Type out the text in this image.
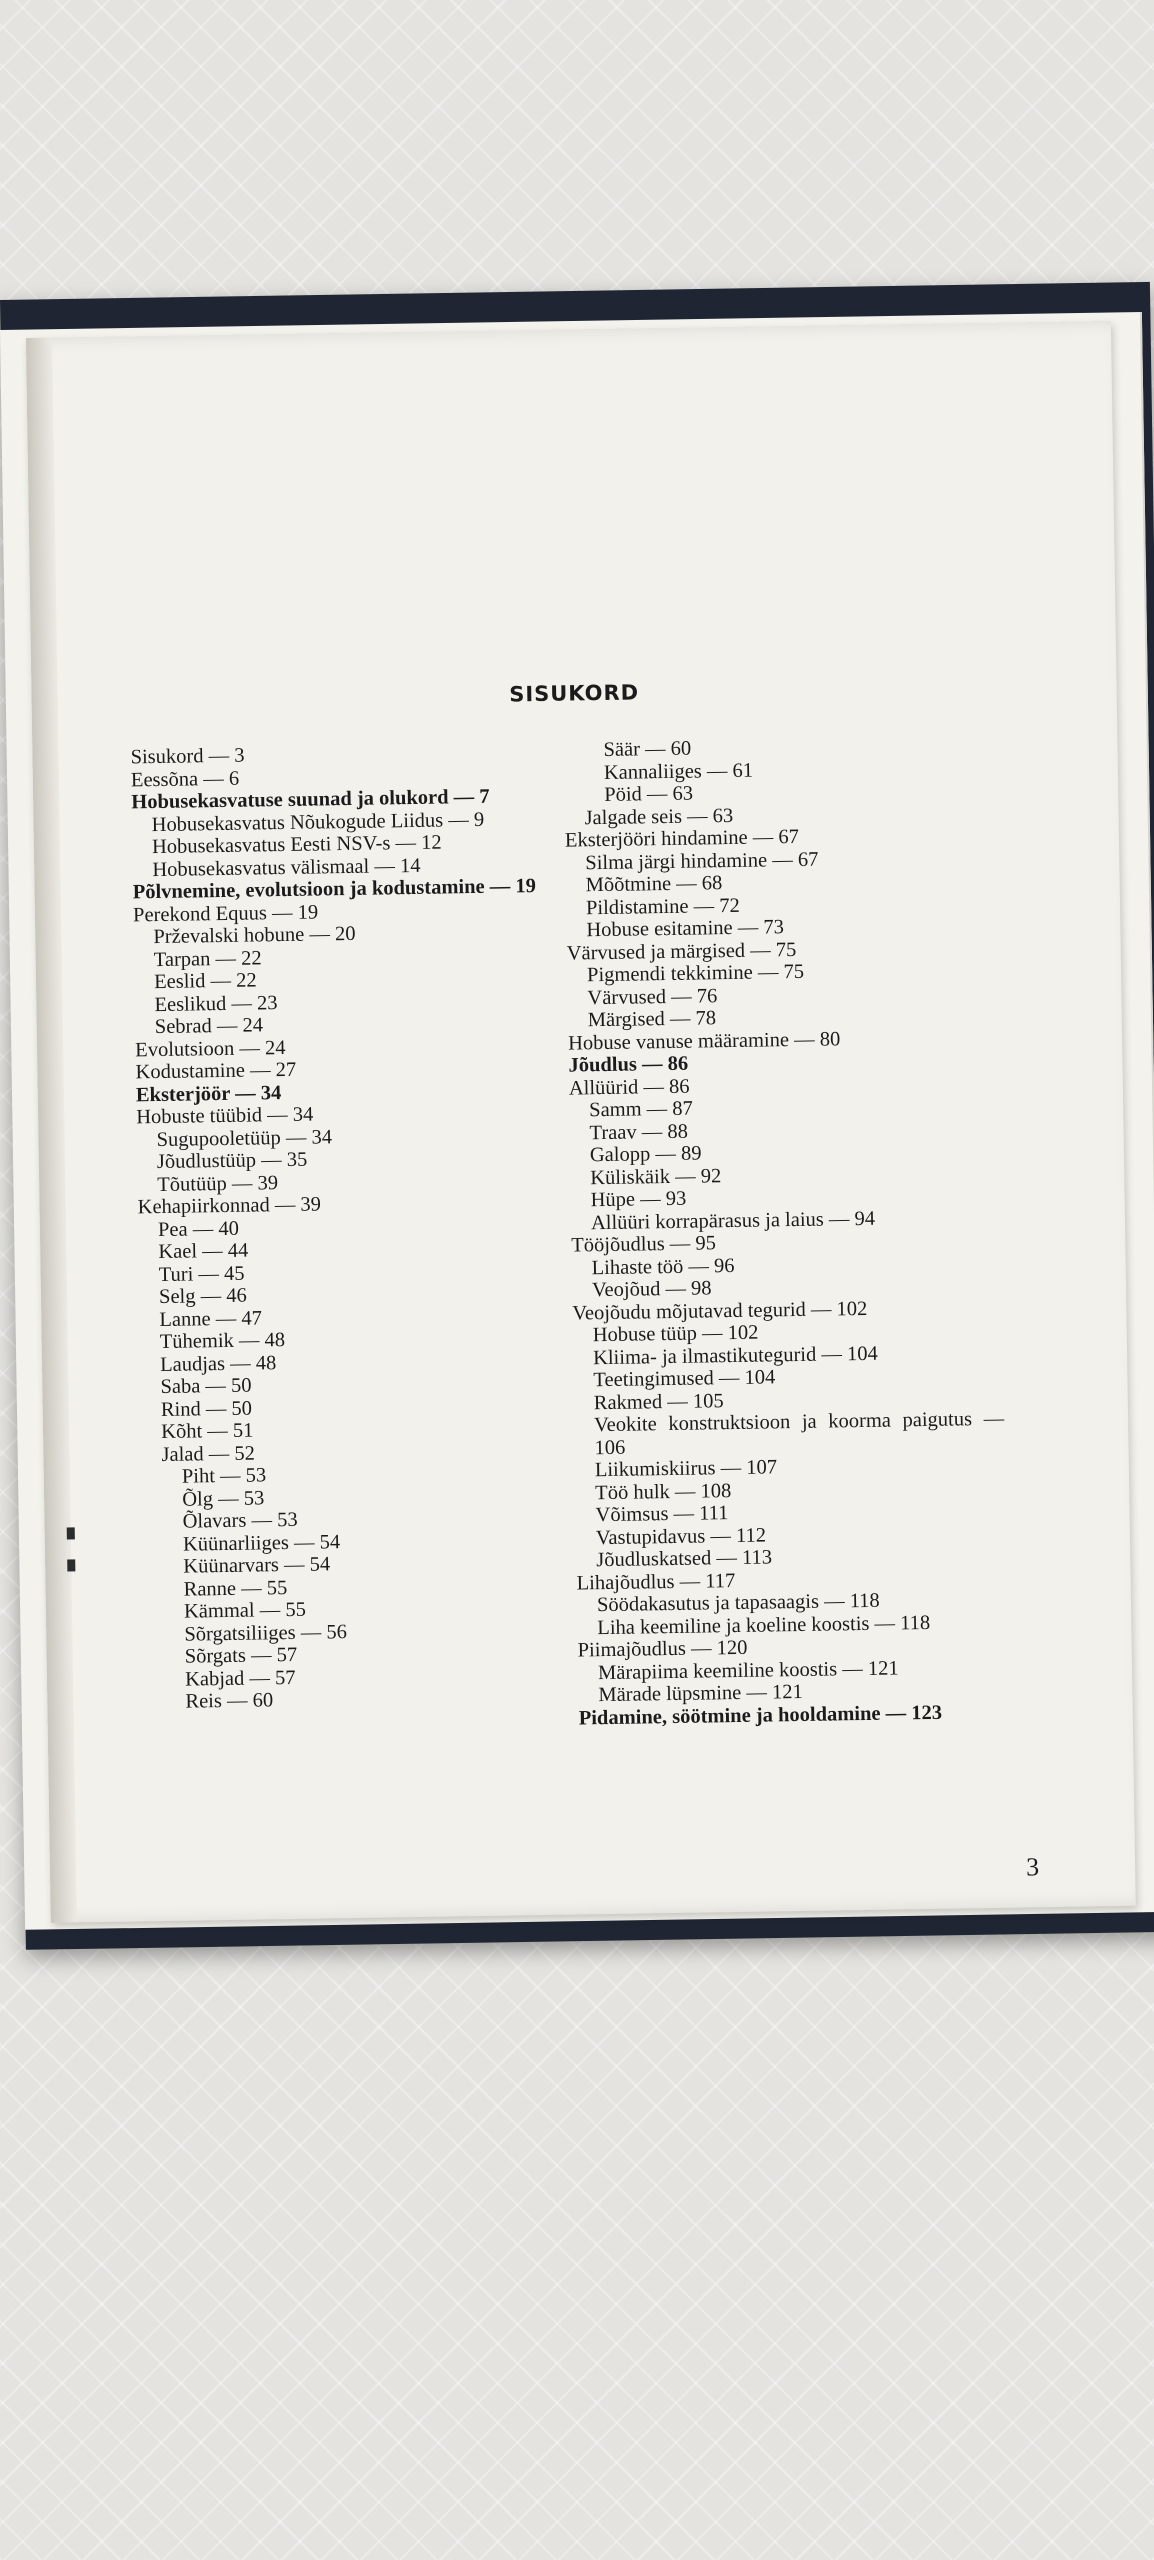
SISUKORD
Sisukord — 3
Eessõna — 6
Hobusekasvatuse suunad ja olukord — 7
Hobusekasvatus Nõukogude Liidus — 9
Hobusekasvatus Eesti NSV-s — 12
Hobusekasvatus välismaal — 14
Põlvnemine, evolutsioon ja kodustamine — 19
Perekond Equus — 19
Prževalski hobune — 20
Tarpan — 22
Eeslid — 22
Eeslikud — 23
Sebrad — 24
Evolutsioon — 24
Kodustamine — 27
Eksterjöör — 34
Hobuste tüübid — 34
Sugupooletüüp — 34
Jõudlustüüp — 35
Tõutüüp — 39
Kehapiirkonnad — 39
Pea — 40
Kael — 44
Turi — 45
Selg — 46
Lanne — 47
Tühemik — 48
Laudjas — 48
Saba — 50
Rind — 50
Kõht — 51
Jalad — 52
Piht — 53
Õlg — 53
Õlavars — 53
Küünarliiges — 54
Küünarvars — 54
Ranne — 55
Kämmal — 55
Sõrgatsiliiges — 56
Sõrgats — 57
Kabjad — 57
Reis — 60
Säär — 60
Kannaliiges — 61
Pöid — 63
Jalgade seis — 63
Eksterjööri hindamine — 67
Silma järgi hindamine — 67
Mõõtmine — 68
Pildistamine — 72
Hobuse esitamine — 73
Värvused ja märgised — 75
Pigmendi tekkimine — 75
Värvused — 76
Märgised — 78
Hobuse vanuse määramine — 80
Jõudlus — 86
Allüürid — 86
Samm — 87
Traav — 88
Galopp — 89
Küliskäik — 92
Hüpe — 93
Allüüri korrapärasus ja laius — 94
Tööjõudlus — 95
Lihaste töö — 96
Veojõud — 98
Veojõudu mõjutavad tegurid — 102
Hobuse tüüp — 102
Kliima- ja ilmastikutegurid — 104
Teetingimused — 104
Rakmed — 105
Veokite konstruktsioon ja koorma paigutus — 106
Liikumiskiirus — 107
Töö hulk — 108
Võimsus — 111
Vastupidavus — 112
Jõudluskatsed — 113
Lihajõudlus — 117
Söödakasutus ja tapasaagis — 118
Liha keemiline ja koeline koostis — 118
Piimajõudlus — 120
Märapiima keemiline koostis — 121
Märade lüpsmine — 121
Pidamine, söötmine ja hooldamine — 123
3
